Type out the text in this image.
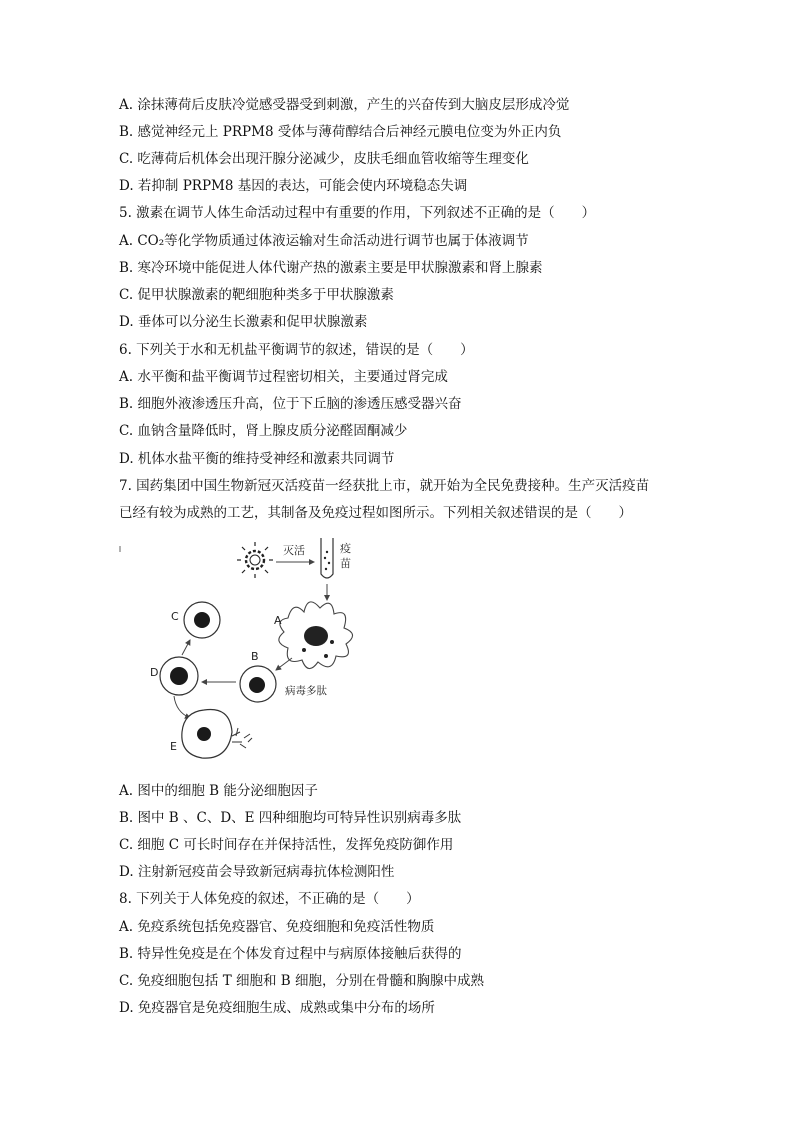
A. 涂抹薄荷后皮肤冷觉感受器受到刺激，产生的兴奋传到大脑皮层形成冷觉
B. 感觉神经元上 PRPM8 受体与薄荷醇结合后神经元膜电位变为外正内负
C. 吃薄荷后机体会出现汗腺分泌减少，皮肤毛细血管收缩等生理变化
D. 若抑制 PRPM8 基因的表达，可能会使内环境稳态失调
5. 激素在调节人体生命活动过程中有重要的作用，下列叙述不正确的是（　　）
A. CO₂等化学物质通过体液运输对生命活动进行调节也属于体液调节
B. 寒冷环境中能促进人体代谢产热的激素主要是甲状腺激素和肾上腺素
C. 促甲状腺激素的靶细胞种类多于甲状腺激素
D. 垂体可以分泌生长激素和促甲状腺激素
6. 下列关于水和无机盐平衡调节的叙述，错误的是（　　）
A. 水平衡和盐平衡调节过程密切相关，主要通过肾完成
B. 细胞外液渗透压升高，位于下丘脑的渗透压感受器兴奋
C. 血钠含量降低时，肾上腺皮质分泌醛固酮减少
D. 机体水盐平衡的维持受神经和激素共同调节
7. 国药集团中国生物新冠灭活疫苗一经获批上市，就开始为全民免费接种。生产灭活疫苗
已经有较为成熟的工艺，其制备及免疫过程如图所示。下列相关叙述错误的是（　　）
灭活	疫
苗
A
病毒多肽
B
D
C
E
A. 图中的细胞 B 能分泌细胞因子
B. 图中 B 、C、D、E 四种细胞均可特异性识别病毒多肽
C. 细胞 C 可长时间存在并保持活性，发挥免疫防御作用
D. 注射新冠疫苗会导致新冠病毒抗体检测阳性
8. 下列关于人体免疫的叙述，不正确的是（　　）
A. 免疫系统包括免疫器官、免疫细胞和免疫活性物质
B. 特异性免疫是在个体发育过程中与病原体接触后获得的
C. 免疫细胞包括 T 细胞和 B 细胞，分别在骨髓和胸腺中成熟
D. 免疫器官是免疫细胞生成、成熟或集中分布的场所
